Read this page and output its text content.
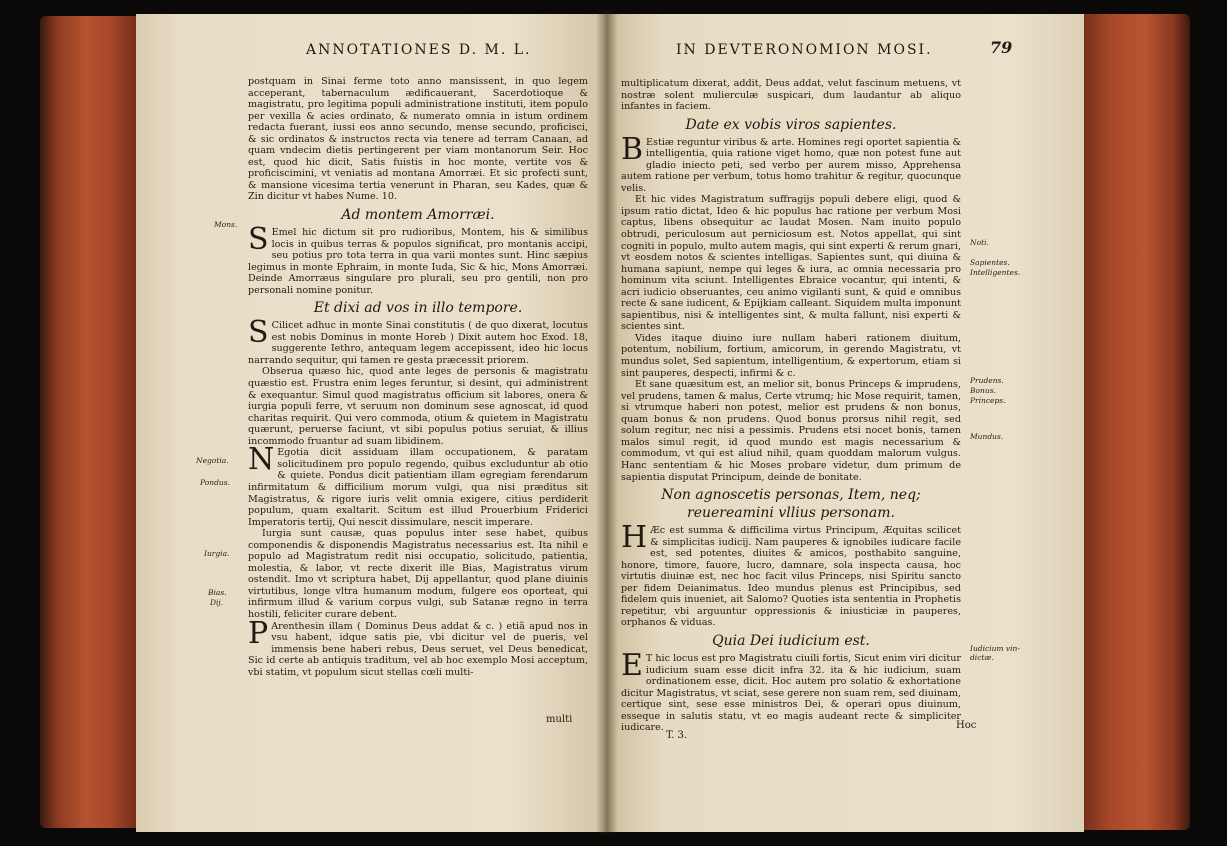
ANNOTATIONES D. M. L.

postquam in Sinai ferme toto anno mansissent, in quo legem acceperant, tabernaculum ædificauerant, Sacerdotioque & magistratu, pro legitima populi administratione instituti, item populo per vexilla & acies ordinato, & numerato omnia in istum ordinem redacta fuerant, iussi eos anno secundo, mense secundo, proficisci, & sic ordinatos & instructos recta via tenere ad terram Canaan, ad quam vndecim dietis pertingerent per viam montanorum Seir. Hoc est, quod hic dicit, Satis fuistis in hoc monte, vertite vos & proficiscimini, vt veniatis ad montana Amorræi. Et sic profecti sunt, & mansione vicesima tertia venerunt in Pharan, seu Kades, quæ & Zin dicitur vt habes Nume. 10.

Ad montem Amorræi.

S Emel hic dictum sit pro rudioribus, Montem, his & similibus locis in quibus terras & populos significat, pro montanis accipi, seu potius pro tota terra in qua varii montes sunt. Hinc sæpius legimus in monte Ephraim, in monte Iuda, Sic & hic, Mons Amorræi. Deinde Amorræus singulare pro plurali, seu pro gentili, non pro personali nomine ponitur.

Et dixi ad vos in illo tempore.

S Cilicet adhuc in monte Sinai constitutis ( de quo dixerat, locutus est nobis Dominus in monte Horeb ) Dixit autem hoc Exod. 18, suggerente Iethro, antequam legem accepissent, ideo hic locus narrando sequitur, qui tamen re gesta præcessit priorem.

Obserua quæso hic, quod ante leges de personis & magistratu quæstio est. Frustra enim leges feruntur, si desint, qui administrent & exequantur. Simul quod magistratus officium sit labores, onera & iurgia populi ferre, vt seruum non dominum sese agnoscat, id quod charitas requirit. Qui vero commoda, otium & quietem in Magistratu quærunt, peruerse faciunt, vt sibi populus potius seruiat, & illius incommodo fruantur ad suam libidinem.

N Egotia dicit assiduam illam occupationem, & paratam solicitudinem pro populo regendo, quibus excluduntur ab otio & quiete. Pondus dicit patientiam illam egregiam ferendarum infirmitatum & difficilium morum vulgi, qua nisi præditus sit Magistratus, & rigore iuris velit omnia exigere, citius perdiderit populum, quam exaltarit. Scitum est illud Prouerbium Friderici Imperatoris tertij, Qui nescit dissimulare, nescit imperare.

Iurgia sunt causæ, quas populus inter sese habet, quibus componendis & disponendis Magistratus necessarius est. Ita nihil e populo ad Magistratum redit nisi occupatio, solicitudo, patientia, molestia, & labor, vt recte dixerit ille Bias, Magistratus virum ostendit. Imo vt scriptura habet, Dij appellantur, quod plane diuinis virtutibus, longe vltra humanum modum, fulgere eos oporteat, qui infirmum illud & varium corpus vulgi, sub Satanæ regno in terra hostili, feliciter curare debent.

P Arenthesin illam ( Dominus Deus addat & c. ) etiã apud nos in vsu habent, idque satis pie, vbi dicitur vel de pueris, vel immensis bene haberi rebus, Deus seruet, vel Deus benedicat, Sic id certe ab antiquis traditum, vel ab hoc exemplo Mosi acceptum, vbi statim, vt populum sicut stellas cœli multi-

Mons.
Negotia.
Pondus.
Iurgia.
Bias.
Dij.
multi
IN DEVTERONOMION MOSI.	79

multiplicatum dixerat, addit, Deus addat, velut fascinum metuens, vt nostræ solent mulierculæ suspicari, dum laudantur ab aliquo infantes in faciem.

Date ex vobis viros sapientes.

B Estiæ reguntur viribus & arte. Homines regi oportet sapientia & intelligentia, quia ratione viget homo, quæ non potest fune aut gladio iniecto peti, sed verbo per aurem misso, Apprehensa autem ratione per verbum, totus homo trahitur & regitur, quocunque velis.

Et hic vides Magistratum suffragijs populi debere eligi, quod & ipsum ratio dictat, Ideo & hic populus hac ratione per verbum Mosi captus, libens obsequitur ac laudat Mosen. Nam inuito populo obtrudi, periculosum aut perniciosum est. Notos appellat, qui sint cogniti in populo, multo autem magis, qui sint experti & rerum gnari, vt eosdem notos & scientes intelligas. Sapientes sunt, qui diuina & humana sapiunt, nempe qui leges & iura, ac omnia necessaria pro hominum vita sciunt. Intelligentes Ebraice vocantur, qui intenti, & acri iudicio obseruantes, ceu animo vigilanti sunt, & quid e omnibus recte & sane iudicent, & Epijkiam calleant. Siquidem multa imponunt sapientibus, nisi & intelligentes sint, & multa fallunt, nisi experti & scientes sint.

Vides itaque diuino iure nullam haberi rationem diuitum, potentum, nobilium, fortium, amicorum, in gerendo Magistratu, vt mundus solet, Sed sapientum, intelligentium, & expertorum, etiam si sint pauperes, despecti, infirmi & c.

Et sane quæsitum est, an melior sit, bonus Princeps & imprudens, vel prudens, tamen & malus, Certe vtrumq; hic Mose requirit, tamen, si vtrumque haberi non potest, melior est prudens & non bonus, quam bonus & non prudens. Quod bonus prorsus nihil regit, sed solum regitur, nec nisi a pessimis. Prudens etsi nocet bonis, tamen malos simul regit, id quod mundo est magis necessarium & commodum, vt qui est aliud nihil, quam quoddam malorum vulgus. Hanc sententiam & hic Moses probare videtur, dum primum de sapientia disputat Principum, deinde de bonitate.

Non agnoscetis personas, Item, neq; reuereamini vllius personam.

H Æc est summa & difficilima virtus Principum, Æquitas scilicet & simplicitas iudicij. Nam pauperes & ignobiles iudicare facile est, sed potentes, diuites & amicos, posthabito sanguine, honore, timore, fauore, lucro, damnare, sola inspecta causa, hoc virtutis diuinæ est, nec hoc facit vilus Princeps, nisi Spiritu sancto per fidem Deianimatus. Ideo mundus plenus est Principibus, sed fidelem quis inueniet, ait Salomo? Quoties ista sententia in Prophetis repetitur, vbi arguuntur oppressionis & iniusticiæ in pauperes, orphanos & viduas.

Quia Dei iudicium est.

E T hic locus est pro Magistratu ciuili fortis, Sicut enim viri dicitur iudicium suam esse dicit infra 32. ita & hic iudicium, suam ordinationem esse, dicit. Hoc autem pro solatio & exhortatione dicitur Magistratus, vt sciat, sese gerere non suam rem, sed diuinam, certique sint, sese esse ministros Dei, & operari opus diuinum, esseque in salutis statu, vt eo magis audeant recte & simpliciter iudicare.

Noti.
Sapientes.
Intelligentes.
Prudens.
Bonus.
Princeps.
Mundus.
Iudicium vin-dictæ.
T. 3.
Hoc
